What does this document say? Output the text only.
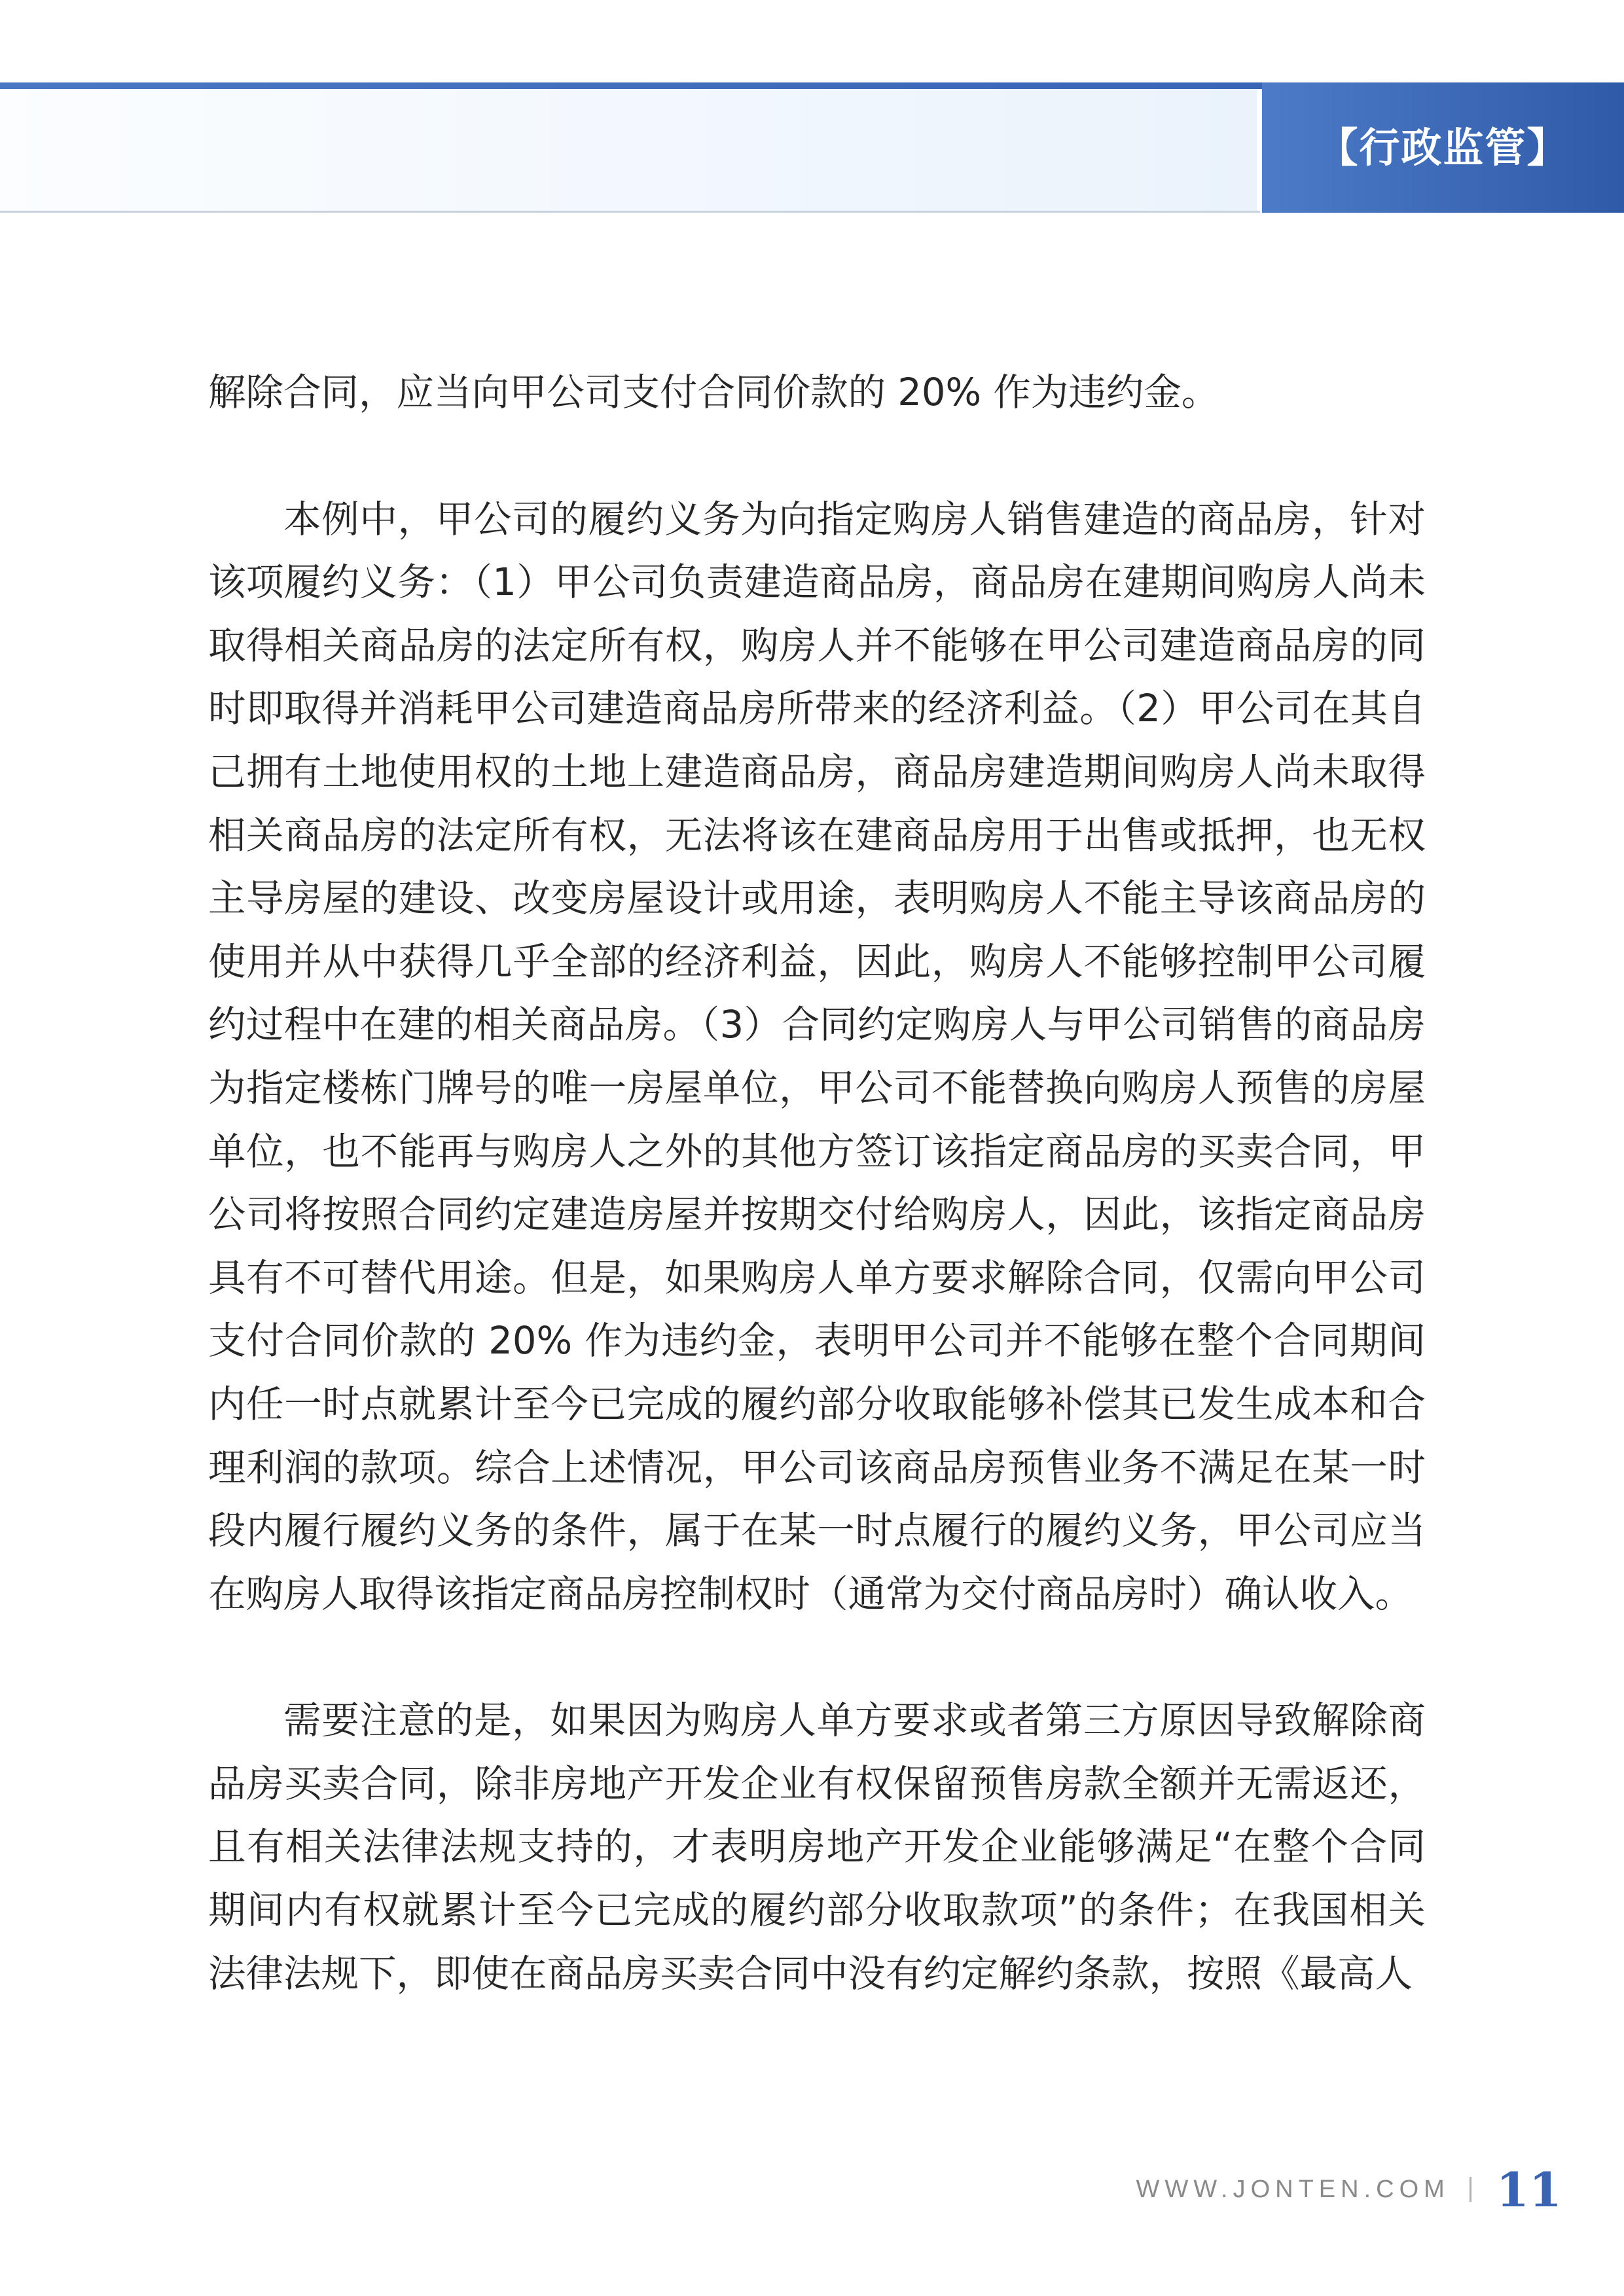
【行政监管】

解除合同，应当向甲公司支付合同价款的 20% 作为违约金。

本例中，甲公司的履约义务为向指定购房人销售建造的商品房，针对该项履约义务：（1）甲公司负责建造商品房，商品房在建期间购房人尚未取得相关商品房的法定所有权，购房人并不能够在甲公司建造商品房的同时即取得并消耗甲公司建造商品房所带来的经济利益。（2）甲公司在其自己拥有土地使用权的土地上建造商品房，商品房建造期间购房人尚未取得相关商品房的法定所有权，无法将该在建商品房用于出售或抵押，也无权主导房屋的建设、改变房屋设计或用途，表明购房人不能主导该商品房的使用并从中获得几乎全部的经济利益，因此，购房人不能够控制甲公司履约过程中在建的相关商品房。（3）合同约定购房人与甲公司销售的商品房为指定楼栋门牌号的唯一房屋单位，甲公司不能替换向购房人预售的房屋单位，也不能再与购房人之外的其他方签订该指定商品房的买卖合同，甲公司将按照合同约定建造房屋并按期交付给购房人，因此，该指定商品房具有不可替代用途。但是，如果购房人单方要求解除合同，仅需向甲公司支付合同价款的 20% 作为违约金，表明甲公司并不能够在整个合同期间内任一时点就累计至今已完成的履约部分收取能够补偿其已发生成本和合理利润的款项。综合上述情况，甲公司该商品房预售业务不满足在某一时段内履行履约义务的条件，属于在某一时点履行的履约义务，甲公司应当在购房人取得该指定商品房控制权时（通常为交付商品房时）确认收入。

需要注意的是，如果因为购房人单方要求或者第三方原因导致解除商品房买卖合同，除非房地产开发企业有权保留预售房款全额并无需返还，且有相关法律法规支持的，才表明房地产开发企业能够满足“在整个合同期间内有权就累计至今已完成的履约部分收取款项”的条件；在我国相关法律法规下，即使在商品房买卖合同中没有约定解约条款，按照《最高人

WWW.JONTEN.COM 11
